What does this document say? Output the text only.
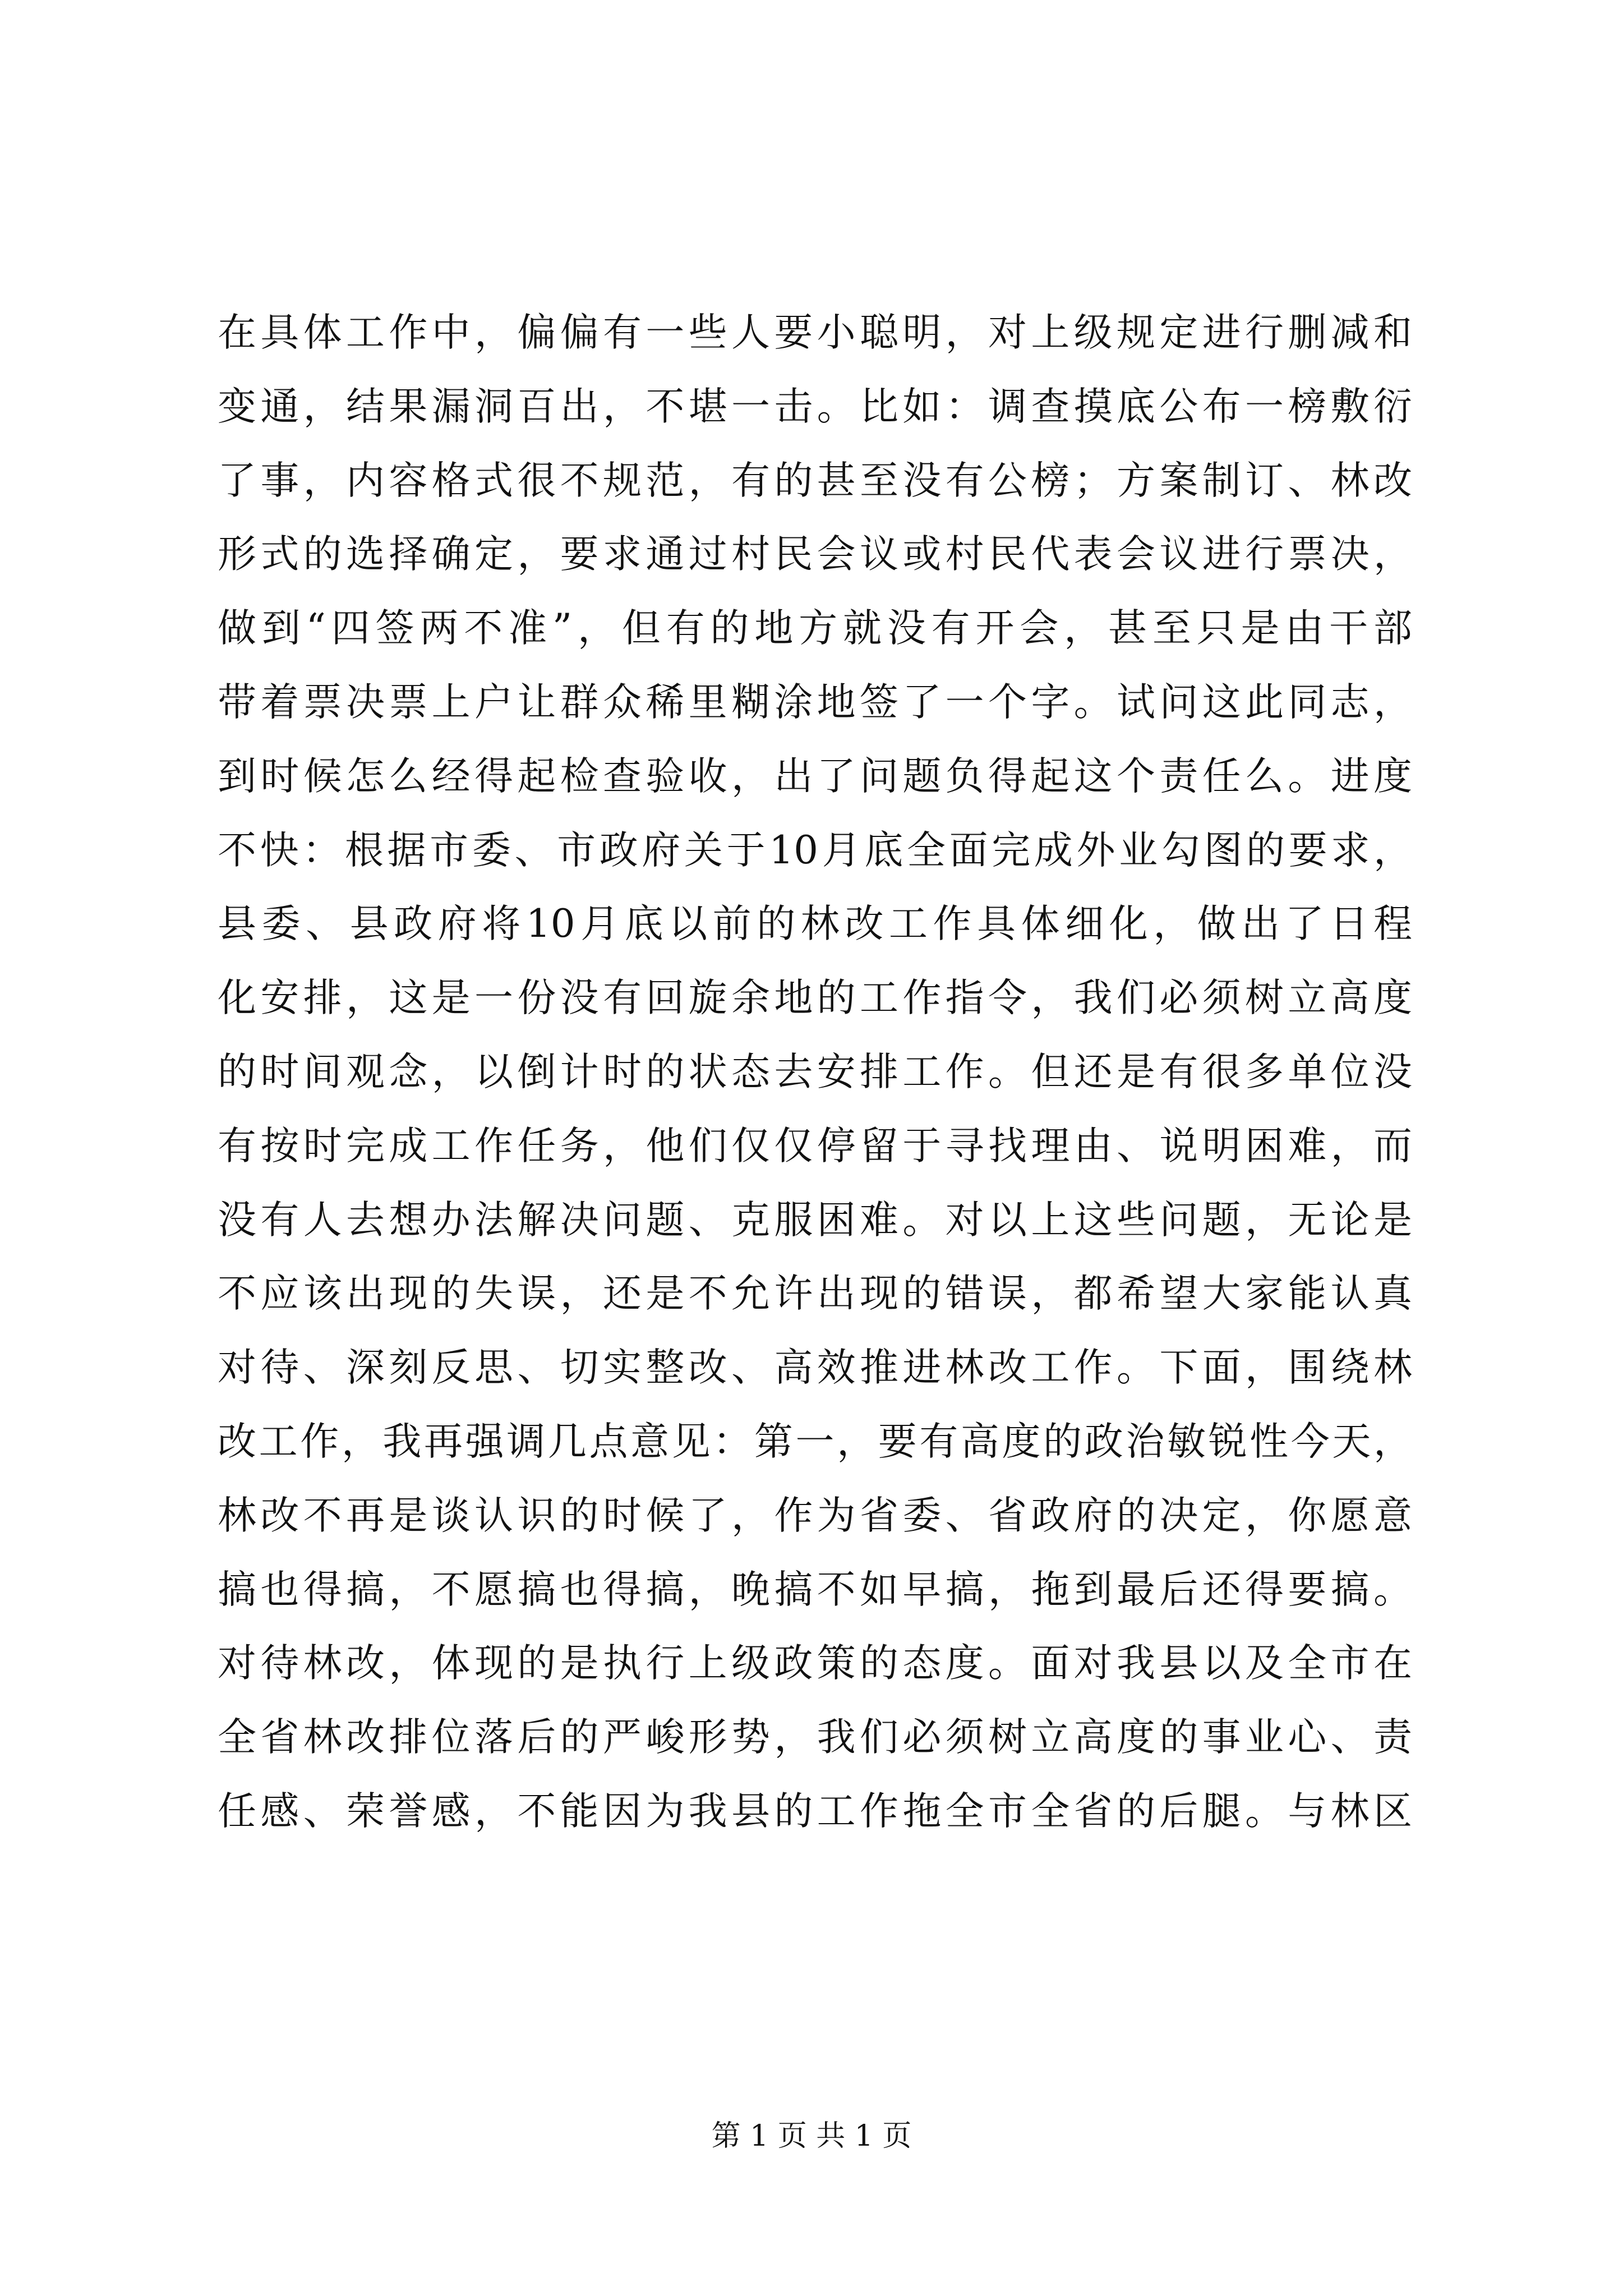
在具体工作中，偏偏有一些人要小聪明，对上级规定进行删减和
变通，结果漏洞百出，不堪一击。比如：调查摸底公布一榜敷衍
了事，内容格式很不规范，有的甚至没有公榜；方案制订、林改
形式的选择确定，要求通过村民会议或村民代表会议进行票决，
做到“四签两不准”，但有的地方就没有开会，甚至只是由干部
带着票决票上户让群众稀里糊涂地签了一个字。试问这此同志，
到时候怎么经得起检查验收，出了问题负得起这个责任么。进度
不快：根据市委、市政府关于10月底全面完成外业勾图的要求，
县委、县政府将10月底以前的林改工作具体细化，做出了日程
化安排，这是一份没有回旋余地的工作指令，我们必须树立高度
的时间观念，以倒计时的状态去安排工作。但还是有很多单位没
有按时完成工作任务，他们仅仅停留于寻找理由、说明困难，而
没有人去想办法解决问题、克服困难。对以上这些问题，无论是
不应该出现的失误，还是不允许出现的错误，都希望大家能认真
对待、深刻反思、切实整改、高效推进林改工作。下面，围绕林
改工作，我再强调几点意见：第一，要有高度的政治敏锐性今天，
林改不再是谈认识的时候了，作为省委、省政府的决定，你愿意
搞也得搞，不愿搞也得搞，晚搞不如早搞，拖到最后还得要搞。
对待林改，体现的是执行上级政策的态度。面对我县以及全市在
全省林改排位落后的严峻形势，我们必须树立高度的事业心、责
任感、荣誉感，不能因为我县的工作拖全市全省的后腿。与林区
第 1 页 共 1 页
